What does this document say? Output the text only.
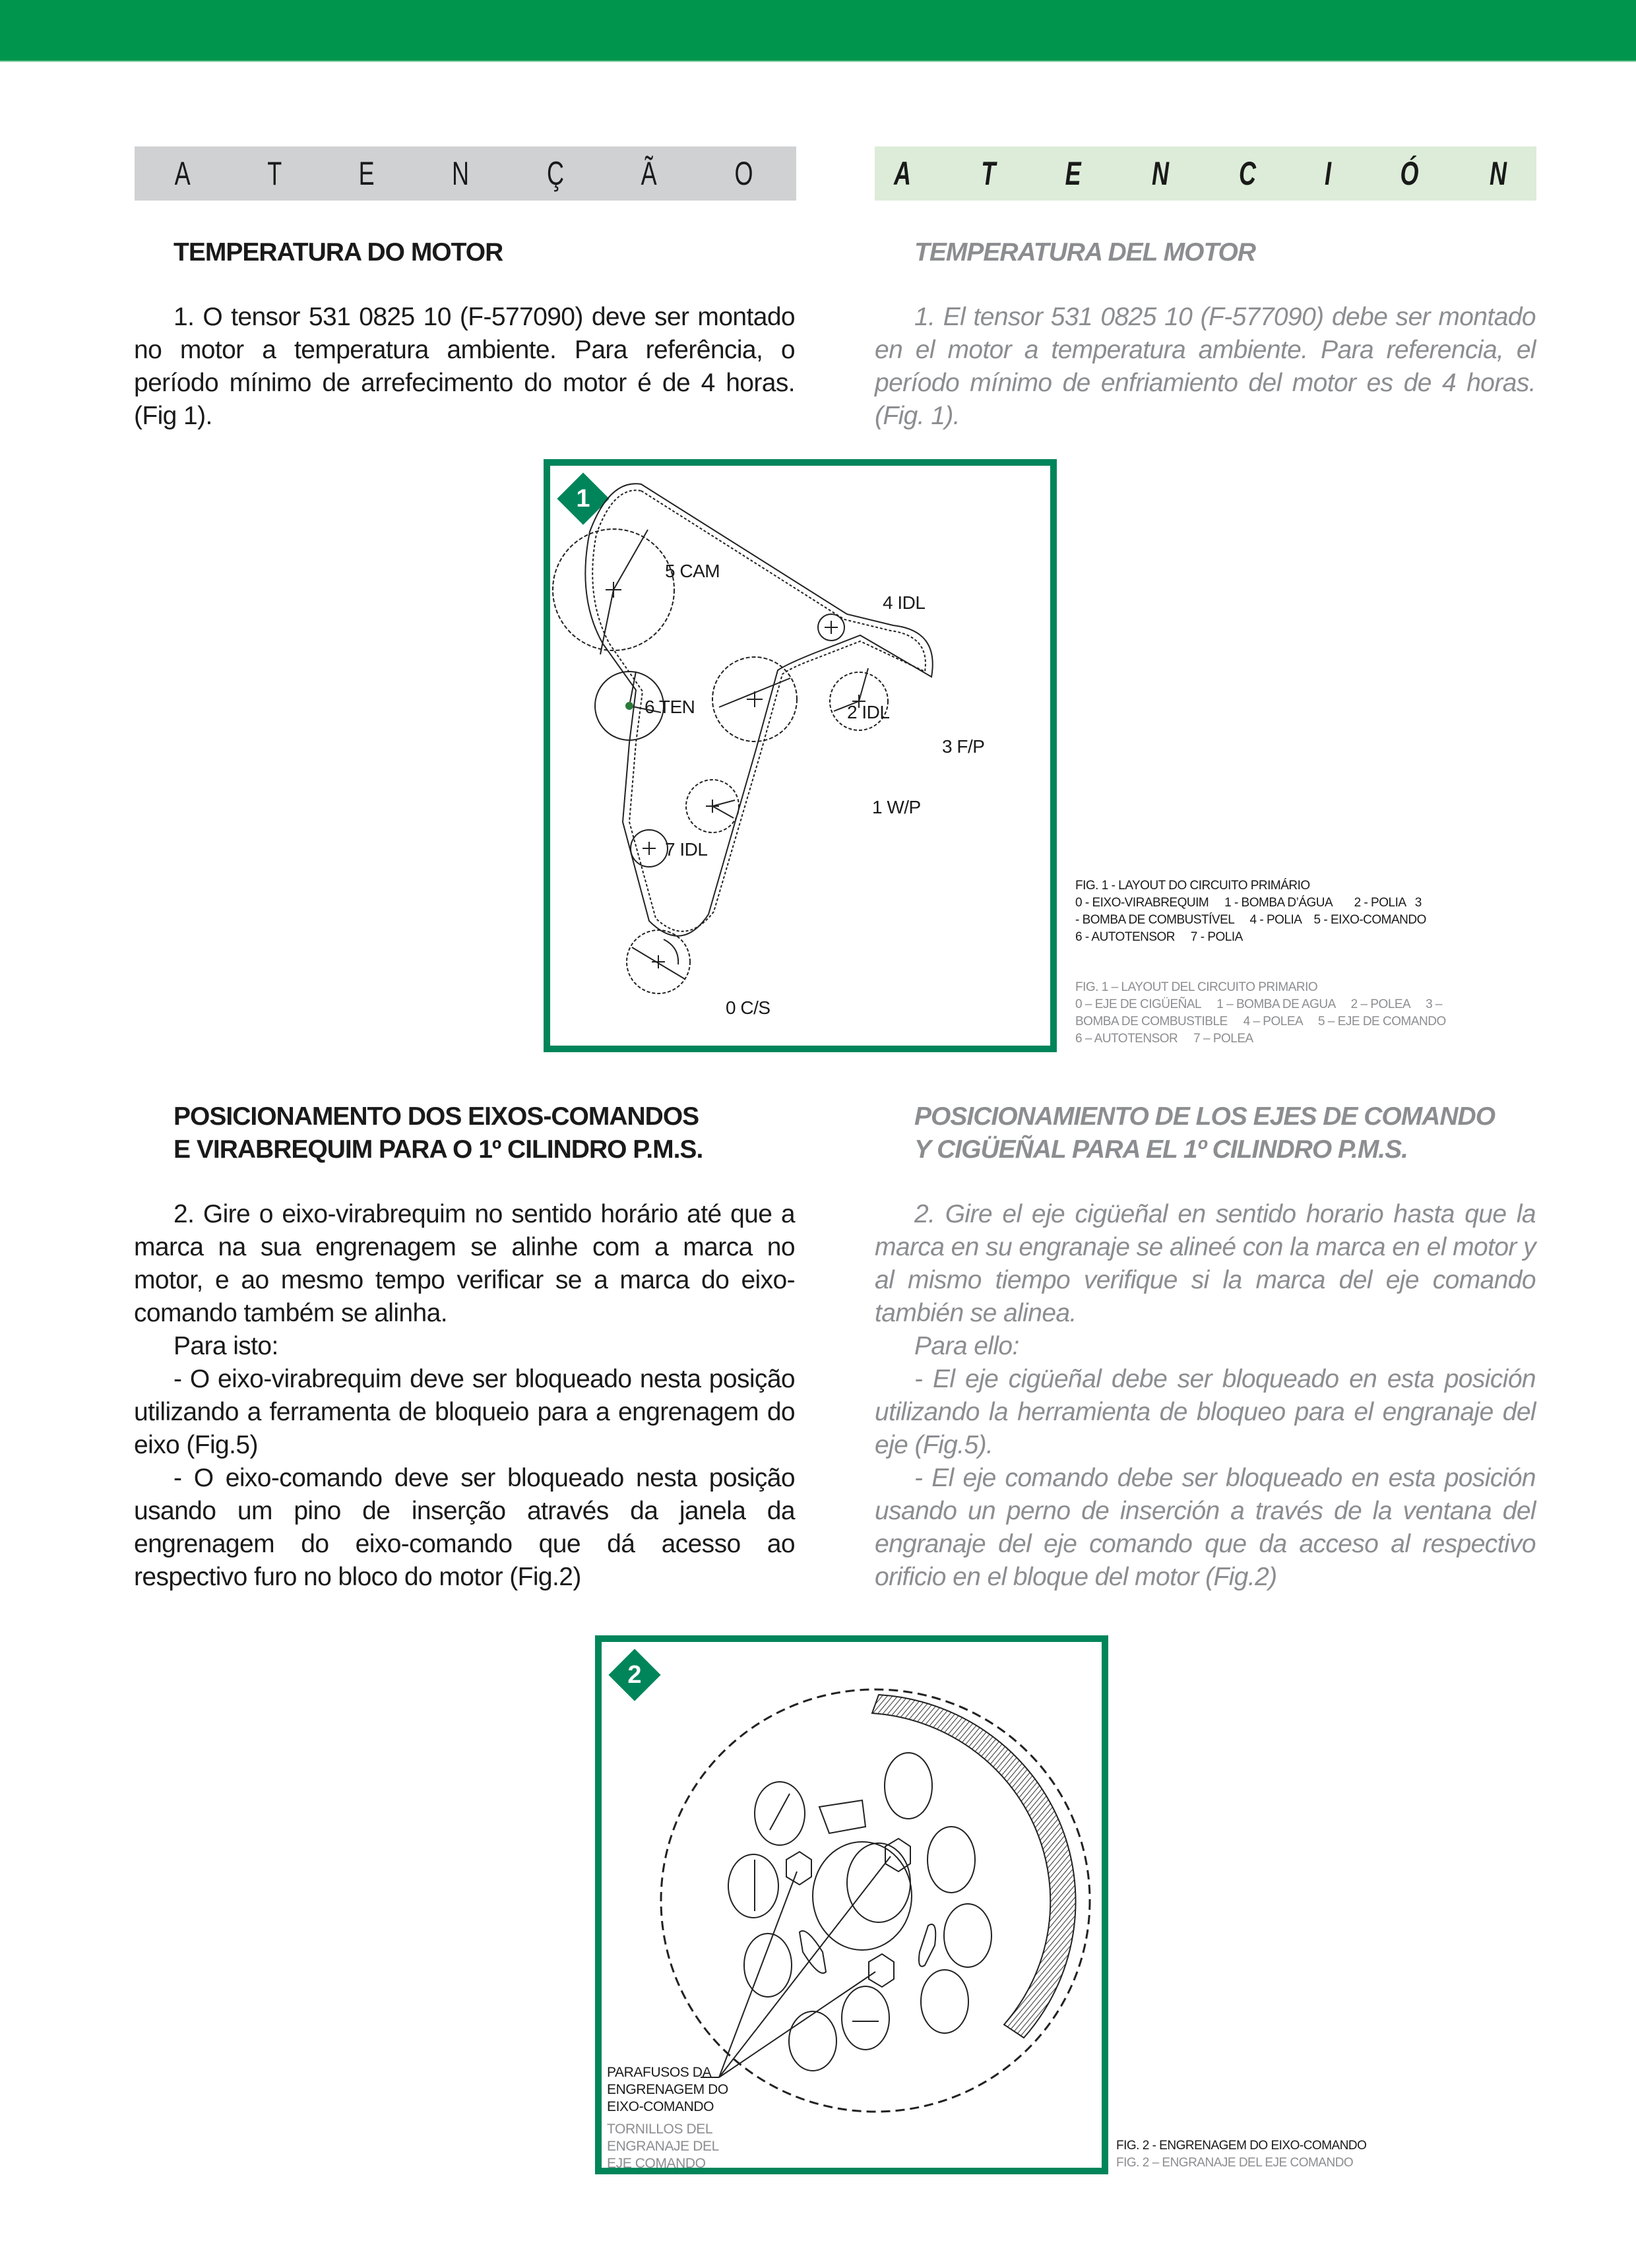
A T E N Ç Ã O	A T E N C I Ó N
TEMPERATURA DO MOTOR

1. O tensor 531 0825 10 (F-577090) deve ser montado no motor a temperatura ambiente. Para referência, o período mínimo de arrefecimento do motor é de 4 horas. (Fig 1).

TEMPERATURA DEL MOTOR

1. El tensor 531 0825 10 (F-577090) debe ser montado en el motor a temperatura ambiente. Para referencia, el período mínimo de enfriamiento del motor es de 4 horas. (Fig. 1).

1
5 CAM
4 IDL
6 TEN	2 IDL
3 F/P
1 W/P
7 IDL
0 C/S
FIG. 1 - LAYOUT DO CIRCUITO PRIMÁRIO
0 - EIXO-VIRABREQUIM     1 - BOMBA D’ÁGUA       2 - POLIA   3
- BOMBA DE COMBUSTÍVEL     4 - POLIA    5 - EIXO-COMANDO
6 - AUTOTENSOR     7 - POLIA
FIG. 1 – LAYOUT DEL CIRCUITO PRIMARIO
0 – EJE DE CIGÜEÑAL     1 – BOMBA DE AGUA     2 – POLEA     3 –
BOMBA DE COMBUSTIBLE     4 – POLEA     5 – EJE DE COMANDO
6 – AUTOTENSOR     7 – POLEA
POSICIONAMENTO DOS EIXOS-COMANDOS
E VIRABREQUIM PARA O 1º CILINDRO P.M.S.

2. Gire o eixo-virabrequim no sentido horário até que a marca na sua engrenagem se alinhe com a marca no motor, e ao mesmo tempo verificar se a marca do eixo-comando também se alinha.

Para isto:

- O eixo-virabrequim deve ser bloqueado nesta posição utilizando a ferramenta de bloqueio para a engrenagem do eixo (Fig.5)

- O eixo-comando deve ser bloqueado nesta posição usando um pino de inserção através da janela da engrenagem do eixo-comando que dá acesso ao respectivo furo no bloco do motor (Fig.2)

POSICIONAMIENTO DE LOS EJES DE COMANDO
Y CIGÜEÑAL PARA EL 1º CILINDRO P.M.S.

2. Gire el eje cigüeñal en sentido horario hasta que la marca en su engranaje se alineé con la marca en el motor y al mismo tiempo verifique si la marca del eje comando también se alinea.

Para ello:

- El eje cigüeñal debe ser bloqueado en esta posición utilizando la herramienta de bloqueo para el engranaje del eje (Fig.5).

- El eje comando debe ser bloqueado en esta posición usando un perno de inserción a través de la ventana del engranaje del eje comando que da acceso al respectivo orificio en el bloque del motor (Fig.2)

2
PARAFUSOS DA
ENGRENAGEM DO
EIXO-COMANDO
TORNILLOS DEL
ENGRANAJE DEL
EJE COMANDO
FIG. 2 - ENGRENAGEM DO EIXO-COMANDO
FIG. 2 – ENGRANAJE DEL EJE COMANDO
